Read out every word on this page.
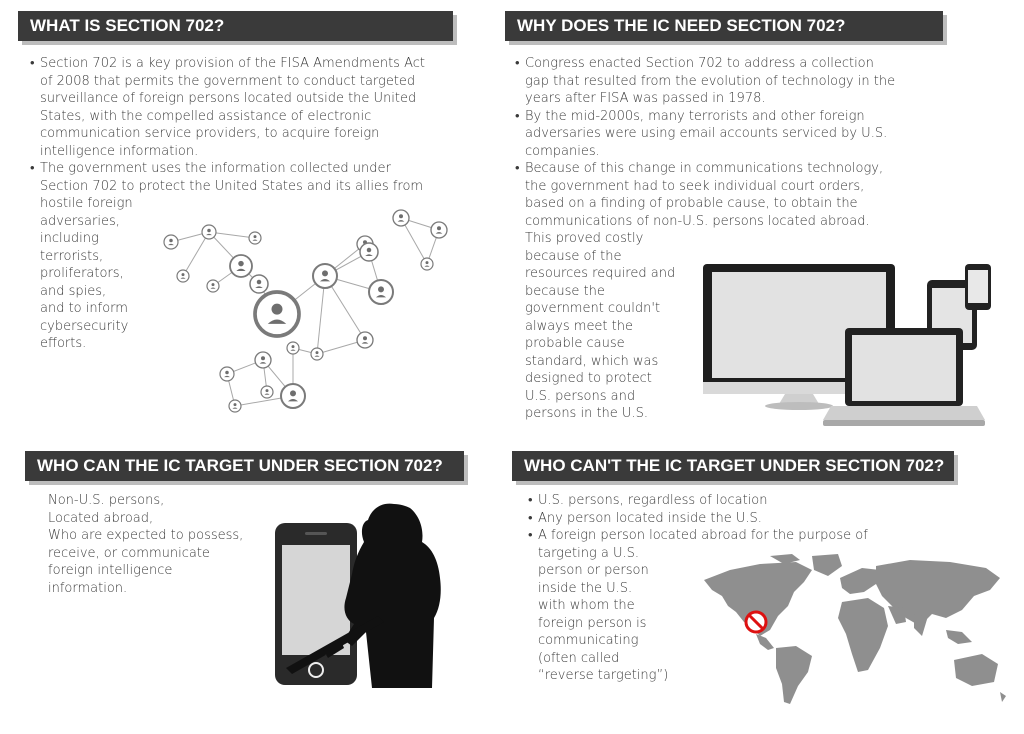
WHAT IS SECTION 702?	WHY DOES THE IC NEED SECTION 702?
WHO CAN THE IC TARGET UNDER SECTION 702?	WHO CAN'T THE IC TARGET UNDER SECTION 702?
• Section 702 is a key provision of the FISA Amendments Act
of 2008 that permits the government to conduct targeted
surveillance of foreign persons located outside the United
States, with the compelled assistance of electronic
communication service providers, to acquire foreign
intelligence information.
• The government uses the information collected under
Section 702 to protect the United States and its allies from
hostile foreign
adversaries,
including
terrorists,
proliferators,
and spies,
and to inform
cybersecurity
efforts.
• Congress enacted Section 702 to address a collection
gap that resulted from the evolution of technology in the
years after FISA was passed in 1978.
• By the mid-2000s, many terrorists and other foreign
adversaries were using email accounts serviced by U.S.
companies.
• Because of this change in communications technology,
the government had to seek individual court orders,
based on a finding of probable cause, to obtain the
communications of non-U.S. persons located abroad.
This proved costly
because of the
resources required and
because the
government couldn't
always meet the
probable cause
standard, which was
designed to protect
U.S. persons and
persons in the U.S.
Non-U.S. persons,
Located abroad,
Who are expected to possess,
receive, or communicate
foreign intelligence
information.
• U.S. persons, regardless of location
• Any person located inside the U.S.
• A foreign person located abroad for the purpose of
targeting a U.S.
person or person
inside the U.S.
with whom the
foreign person is
communicating
(often called
“reverse targeting”)
